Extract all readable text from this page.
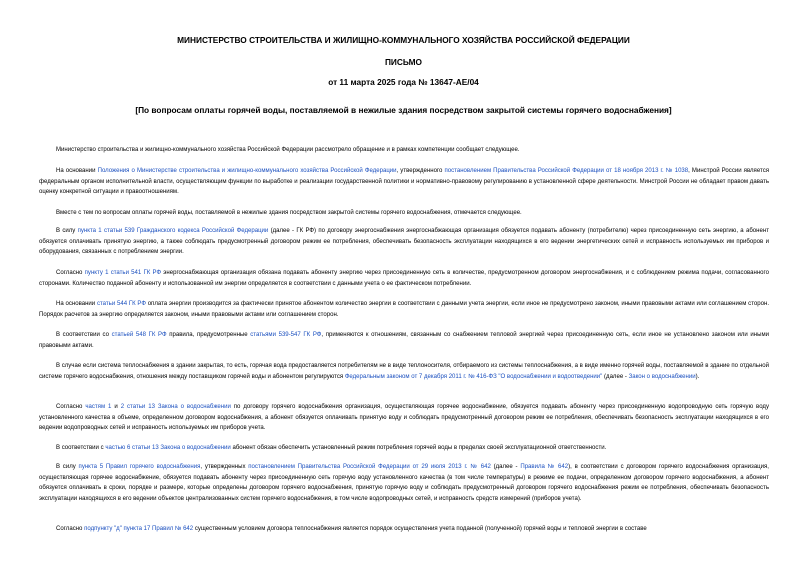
МИНИСТЕРСТВО СТРОИТЕЛЬСТВА И ЖИЛИЩНО-КОММУНАЛЬНОГО ХОЗЯЙСТВА РОССИЙСКОЙ ФЕДЕРАЦИИ
ПИСЬМО
от 11 марта 2025 года № 13647-АЕ/04
[По вопросам оплаты горячей воды, поставляемой в нежилые здания посредством закрытой системы горячего водоснабжения]

Министерство строительства и жилищно-коммунального хозяйства Российской Федерации рассмотрело обращение и в рамках компетенции сообщает следующее.

На основании Положения о Министерстве строительства и жилищно-коммунального хозяйства Российской Федерации, утвержденного постановлением Правительства Российской Федерации от 18 ноября 2013 г. № 1038, Минстрой России является федеральным органом исполнительной власти, осуществляющим функции по выработке и реализации государственной политики и нормативно-правовому регулированию в установленной сфере деятельности. Минстрой России не обладает правом давать оценку конкретной ситуации и правоотношениям.

Вместе с тем по вопросам оплаты горячей воды, поставляемой в нежилые здания посредством закрытой системы горячего водоснабжения, отмечается следующее.

В силу пункта 1 статьи 539 Гражданского кодекса Российской Федерации (далее - ГК РФ) по договору энергоснабжения энергоснабжающая организация обязуется подавать абоненту (потребителю) через присоединенную сеть энергию, а абонент обязуется оплачивать принятую энергию, а также соблюдать предусмотренный договором режим ее потребления, обеспечивать безопасность эксплуатации находящихся в его ведении энергетических сетей и исправность используемых им приборов и оборудования, связанных с потреблением энергии.

Согласно пункту 1 статьи 541 ГК РФ энергоснабжающая организация обязана подавать абоненту энергию через присоединенную сеть в количестве, предусмотренном договором энергоснабжения, и с соблюдением режима подачи, согласованного сторонами. Количество поданной абоненту и использованной им энергии определяется в соответствии с данными учета о ее фактическом потреблении.

На основании статьи 544 ГК РФ оплата энергии производится за фактически принятое абонентом количество энергии в соответствии с данными учета энергии, если иное не предусмотрено законом, иными правовыми актами или соглашением сторон. Порядок расчетов за энергию определяется законом, иными правовыми актами или соглашением сторон.

В соответствии со статьей 548 ГК РФ правила, предусмотренные статьями 539-547 ГК РФ, применяются к отношениям, связанным со снабжением тепловой энергией через присоединенную сеть, если иное не установлено законом или иными правовыми актами.

В случае если система теплоснабжения в здании закрытая, то есть, горячая вода предоставляется потребителям не в виде теплоносителя, отбираемого из системы теплоснабжения, а в виде именно горячей воды, поставляемой в здание по отдельной системе горячего водоснабжения, отношения между поставщиком горячей воды и абонентом регулируются Федеральным законом от 7 декабря 2011 г. № 416-ФЗ "О водоснабжении и водоотведении" (далее - Закон о водоснабжении).

Согласно частям 1 и 2 статьи 13 Закона о водоснабжении по договору горячего водоснабжения организация, осуществляющая горячее водоснабжение, обязуется подавать абоненту через присоединенную водопроводную сеть горячую воду установленного качества в объеме, определенном договором водоснабжения, а абонент обязуется оплачивать принятую воду и соблюдать предусмотренный договором режим ее потребления, обеспечивать безопасность эксплуатации находящихся в его ведении водопроводных сетей и исправность используемых им приборов учета.

В соответствии с частью 6 статьи 13 Закона о водоснабжении абонент обязан обеспечить установленный режим потребления горячей воды в пределах своей эксплуатационной ответственности.

В силу пункта 5 Правил горячего водоснабжения, утвержденных постановлением Правительства Российской Федерации от 29 июля 2013 г. № 642 (далее - Правила № 642), в соответствии с договором горячего водоснабжения организация, осуществляющая горячее водоснабжение, обязуется подавать абоненту через присоединенную сеть горячую воду установленного качества (в том числе температуры) в режиме ее подачи, определенном договором горячего водоснабжения, а абонент обязуется оплачивать в сроки, порядке и размере, которые определены договором горячего водоснабжения, принятую горячую воду и соблюдать предусмотренный договором горячего водоснабжения режим ее потребления, обеспечивать безопасность эксплуатации находящихся в его ведении объектов централизованных систем горячего водоснабжения, в том числе водопроводных сетей, и исправность средств измерений (приборов учета).

Согласно подпункту "д" пункта 17 Правил № 642 существенным условием договора теплоснабжения является порядок осуществления учета поданной (полученной) горячей воды и тепловой энергии в составе
